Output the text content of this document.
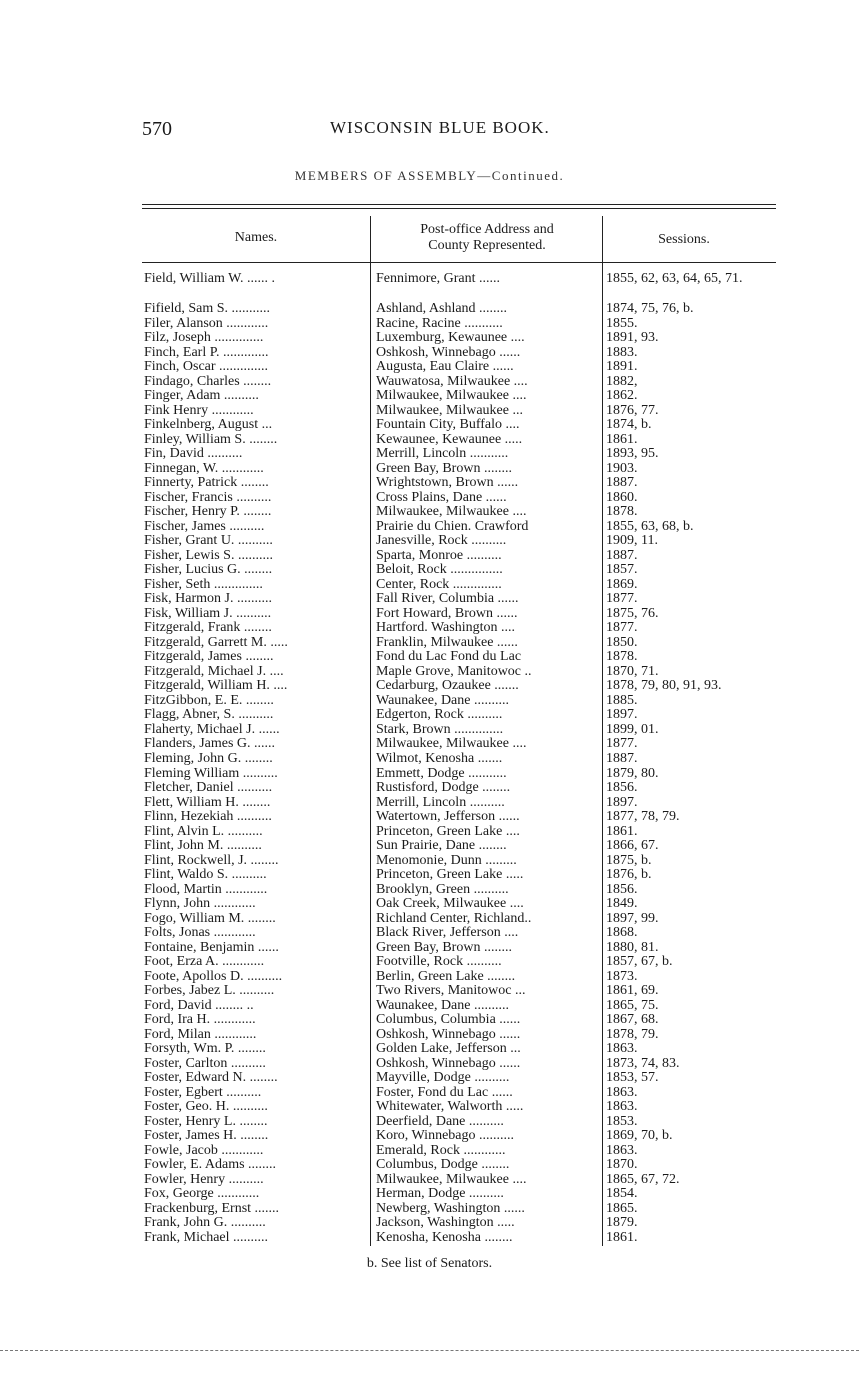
570	WISCONSIN BLUE BOOK.
MEMBERS OF ASSEMBLY—Continued.
Names.
Post-office Address and
County Represented.	Sessions.
Field, William W. ...... .	Fennimore, Grant ......	1855, 62, 63, 64, 65, 71.
Fifield, Sam S. ...........	Ashland, Ashland ........	1874, 75, 76, b.
Filer, Alanson ............	Racine, Racine ...........	1855.
Filz, Joseph ..............	Luxemburg, Kewaunee ....	1891, 93.
Finch, Earl P. .............	Oshkosh, Winnebago ......	1883.
Finch, Oscar ..............	Augusta, Eau Claire ......	1891.
Findago, Charles ........	Wauwatosa, Milwaukee ....	1882,
Finger, Adam ..........	Milwaukee, Milwaukee ....	1862.
Fink Henry ............	Milwaukee, Milwaukee ...	1876, 77.
Finkelnberg, August ...	Fountain City, Buffalo ....	1874, b.
Finley, William S. ........	Kewaunee, Kewaunee .....	1861.
Fin, David ..........	Merrill, Lincoln ...........	1893, 95.
Finnegan, W. ............	Green Bay, Brown ........	1903.
Finnerty, Patrick ........	Wrightstown, Brown ......	1887.
Fischer, Francis ..........	Cross Plains, Dane ......	1860.
Fischer, Henry P. ........	Milwaukee, Milwaukee ....	1878.
Fischer, James ..........	Prairie du Chien. Crawford	1855, 63, 68, b.
Fisher, Grant U. ..........	Janesville, Rock ..........	1909, 11.
Fisher, Lewis S. ..........	Sparta, Monroe ..........	1887.
Fisher, Lucius G. ........	Beloit, Rock ...............	1857.
Fisher, Seth ..............	Center, Rock ..............	1869.
Fisk, Harmon J. ..........	Fall River, Columbia ......	1877.
Fisk, William J. ..........	Fort Howard, Brown ......	1875, 76.
Fitzgerald, Frank ........	Hartford. Washington ....	1877.
Fitzgerald, Garrett M. .....	Franklin, Milwaukee ......	1850.
Fitzgerald, James ........	Fond du Lac Fond du Lac	1878.
Fitzgerald, Michael J. ....	Maple Grove, Manitowoc ..	1870, 71.
Fitzgerald, William H. ....	Cedarburg, Ozaukee .......	1878, 79, 80, 91, 93.
FitzGibbon, E. E. ........	Waunakee, Dane ..........	1885.
Flagg, Abner, S. ..........	Edgerton, Rock ..........	1897.
Flaherty, Michael J. ......	Stark, Brown ..............	1899, 01.
Flanders, James G. ......	Milwaukee, Milwaukee ....	1877.
Fleming, John G. ........	Wilmot, Kenosha .......	1887.
Fleming William ..........	Emmett, Dodge ...........	1879, 80.
Fletcher, Daniel ..........	Rustisford, Dodge ........	1856.
Flett, William H. ........	Merrill, Lincoln ..........	1897.
Flinn, Hezekiah ..........	Watertown, Jefferson ......	1877, 78, 79.
Flint, Alvin L. ..........	Princeton, Green Lake ....	1861.
Flint, John M. ..........	Sun Prairie, Dane ........	1866, 67.
Flint, Rockwell, J. ........	Menomonie, Dunn .........	1875, b.
Flint, Waldo S. ..........	Princeton, Green Lake .....	1876, b.
Flood, Martin ............	Brooklyn, Green ..........	1856.
Flynn, John ............	Oak Creek, Milwaukee ....	1849.
Fogo, William M. ........	Richland Center, Richland..	1897, 99.
Folts, Jonas ............	Black River, Jefferson ....	1868.
Fontaine, Benjamin ......	Green Bay, Brown ........	1880, 81.
Foot, Erza A. ............	Footville, Rock ..........	1857, 67, b.
Foote, Apollos D. ..........	Berlin, Green Lake ........	1873.
Forbes, Jabez L. ..........	Two Rivers, Manitowoc ...	1861, 69.
Ford, David ........ ..	Waunakee, Dane ..........	1865, 75.
Ford, Ira H. ............	Columbus, Columbia ......	1867, 68.
Ford, Milan ............	Oshkosh, Winnebago ......	1878, 79.
Forsyth, Wm. P. ........	Golden Lake, Jefferson ...	1863.
Foster, Carlton ..........	Oshkosh, Winnebago ......	1873, 74, 83.
Foster, Edward N. ........	Mayville, Dodge ..........	1853, 57.
Foster, Egbert ..........	Foster, Fond du Lac ......	1863.
Foster, Geo. H. ..........	Whitewater, Walworth .....	1863.
Foster, Henry L. ........	Deerfield, Dane ..........	1853.
Foster, James H. ........	Koro, Winnebago ..........	1869, 70, b.
Fowle, Jacob ............	Emerald, Rock ............	1863.
Fowler, E. Adams ........	Columbus, Dodge ........	1870.
Fowler, Henry ..........	Milwaukee, Milwaukee ....	1865, 67, 72.
Fox, George ............	Herman, Dodge ..........	1854.
Frackenburg, Ernst .......	Newberg, Washington ......	1865.
Frank, John G. ..........	Jackson, Washington .....	1879.
Frank, Michael ..........	Kenosha, Kenosha ........	1861.
b. See list of Senators.
